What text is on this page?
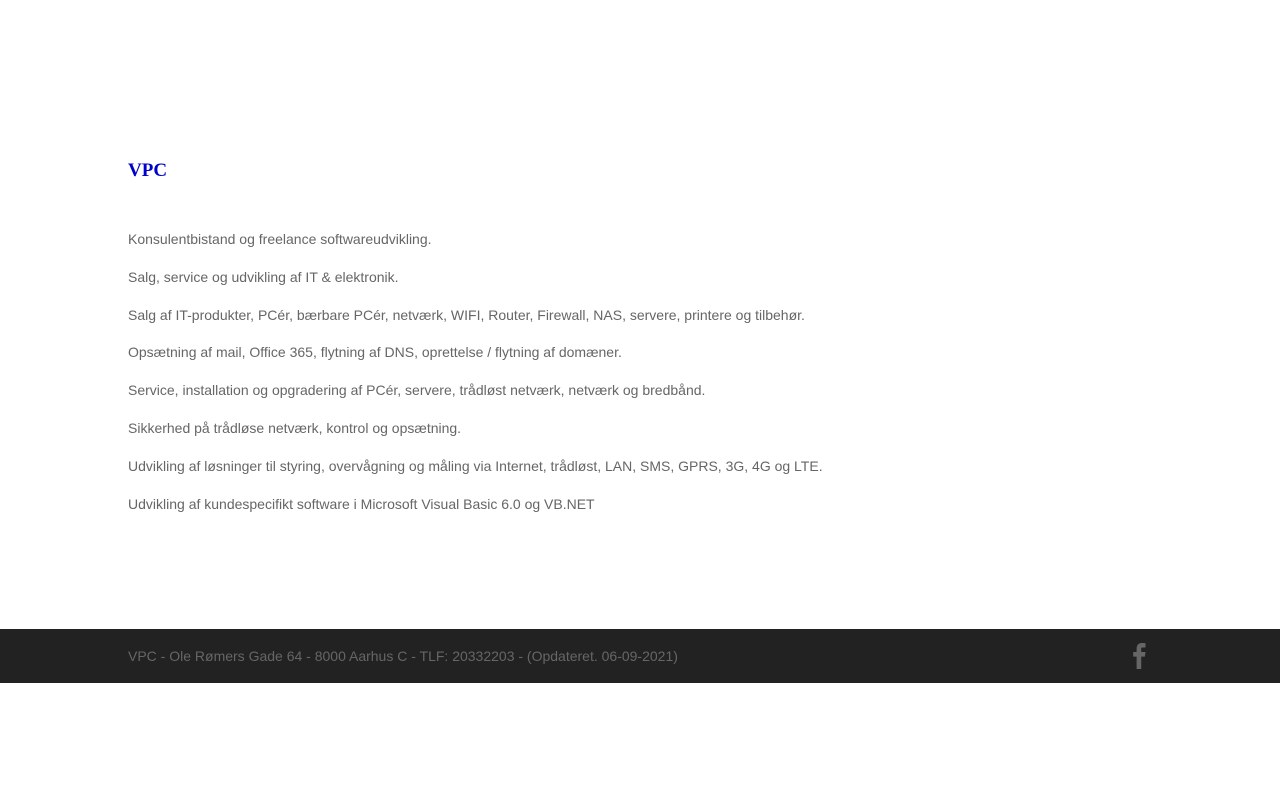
VPC
Konsulentbistand og freelance softwareudvikling.
Salg, service og udvikling af IT & elektronik.
Salg af IT-produkter, PCér, bærbare PCér, netværk, WIFI, Router, Firewall, NAS, servere, printere og tilbehør.
Opsætning af mail, Office 365, flytning af DNS, oprettelse / flytning af domæner.
Service, installation og opgradering af PCér, servere, trådløst netværk, netværk og bredbånd.
Sikkerhed på trådløse netværk, kontrol og opsætning.
Udvikling af løsninger til styring, overvågning og måling via Internet, trådløst, LAN, SMS, GPRS, 3G, 4G og LTE.
Udvikling af kundespecifikt software i Microsoft Visual Basic 6.0 og VB.NET
VPC - Ole Rømers Gade 64 - 8000 Aarhus C - TLF: 20332203 - (Opdateret. 06-09-2021)
